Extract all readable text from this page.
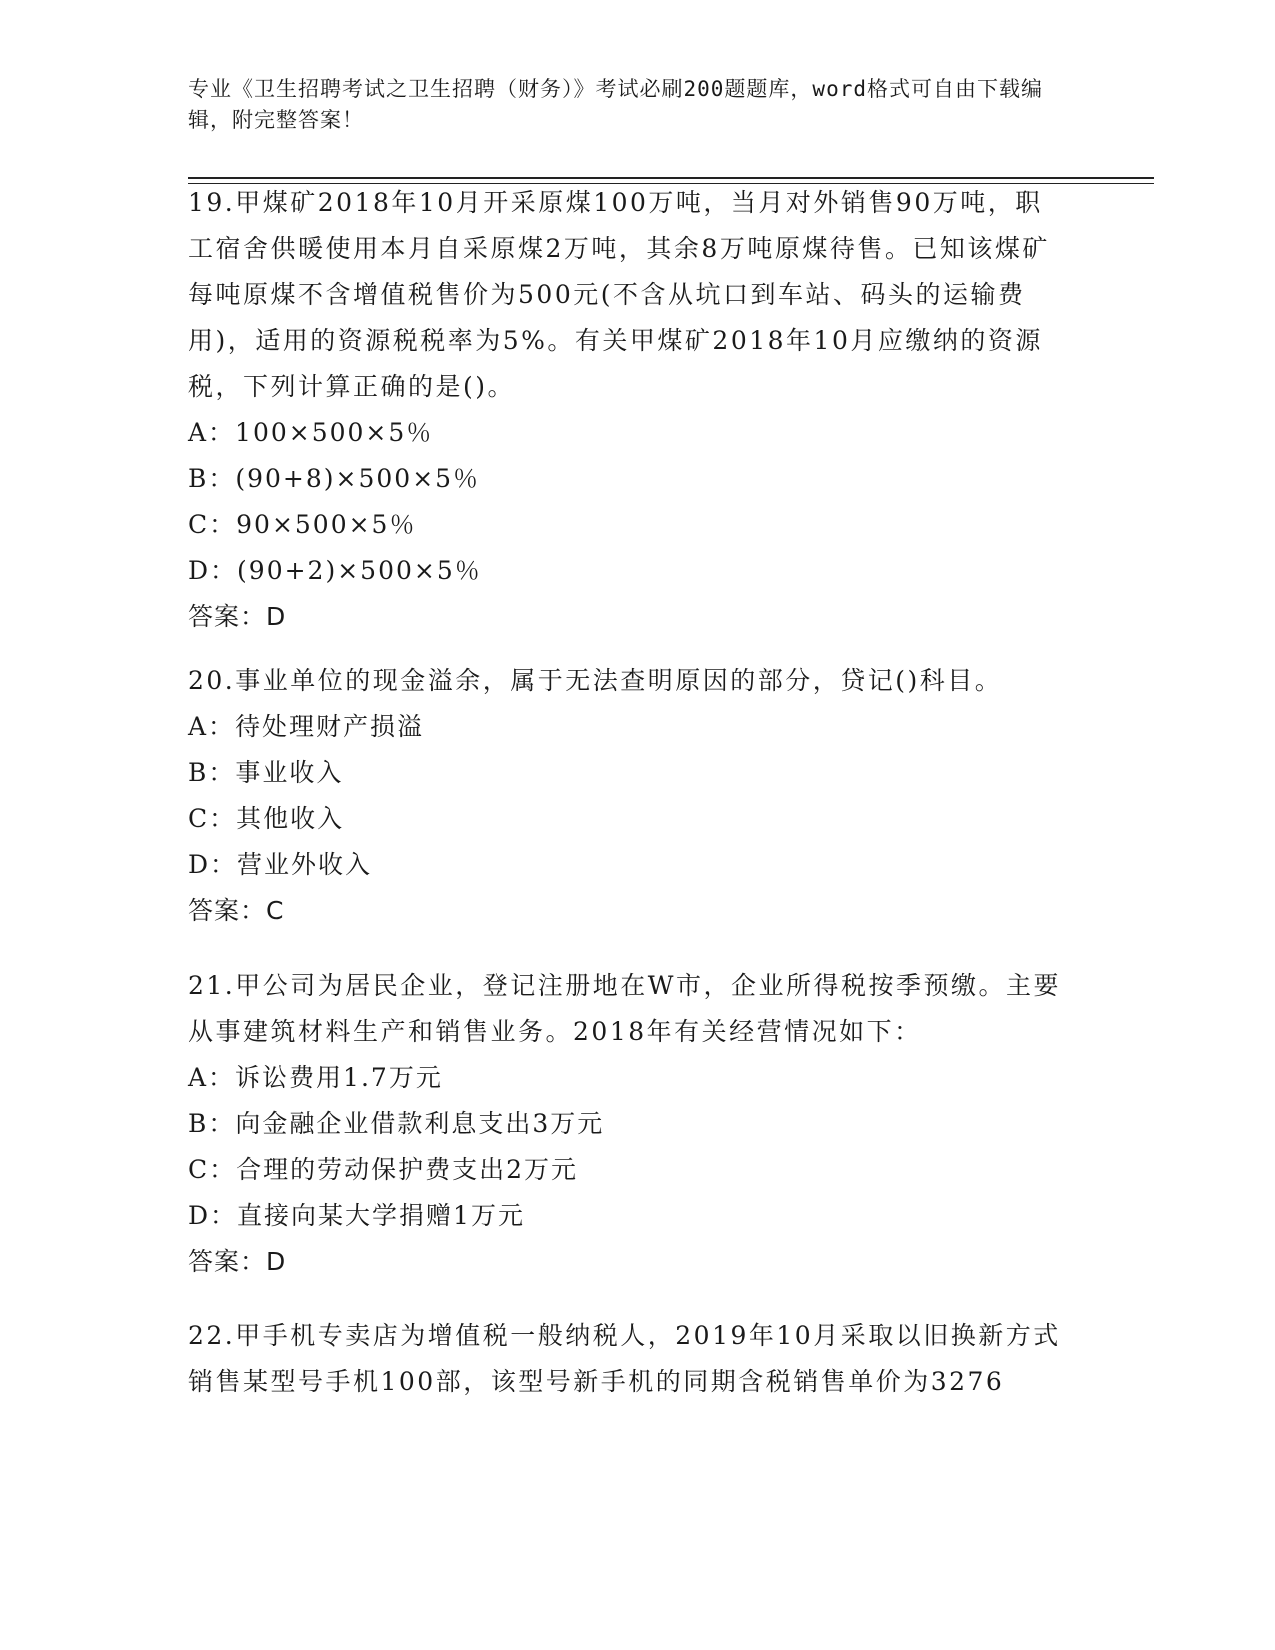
专业《卫生招聘考试之卫生招聘（财务）》考试必刷200题题库，word格式可自由下载编辑，附完整答案！

19.甲煤矿2018年10月开采原煤100万吨，当月对外销售90万吨，职工宿舍供暖使用本月自采原煤2万吨，其余8万吨原煤待售。已知该煤矿每吨原煤不含增值税售价为500元(不含从坑口到车站、码头的运输费用)，适用的资源税税率为5%。有关甲煤矿2018年10月应缴纳的资源税，下列计算正确的是()。

A：100×500×5％

B：(90+8)×500×5％

C：90×500×5％

D：(90+2)×500×5％

答案：D

20.事业单位的现金溢余，属于无法查明原因的部分，贷记()科目。

A：待处理财产损溢

B：事业收入

C：其他收入

D：营业外收入

答案：C

21.甲公司为居民企业，登记注册地在W市，企业所得税按季预缴。主要从事建筑材料生产和销售业务。2018年有关经营情况如下：

A：诉讼费用1.7万元

B：向金融企业借款利息支出3万元

C：合理的劳动保护费支出2万元

D：直接向某大学捐赠1万元

答案：D

22.甲手机专卖店为增值税一般纳税人，2019年10月采取以旧换新方式销售某型号手机100部，该型号新手机的同期含税销售单价为3276
